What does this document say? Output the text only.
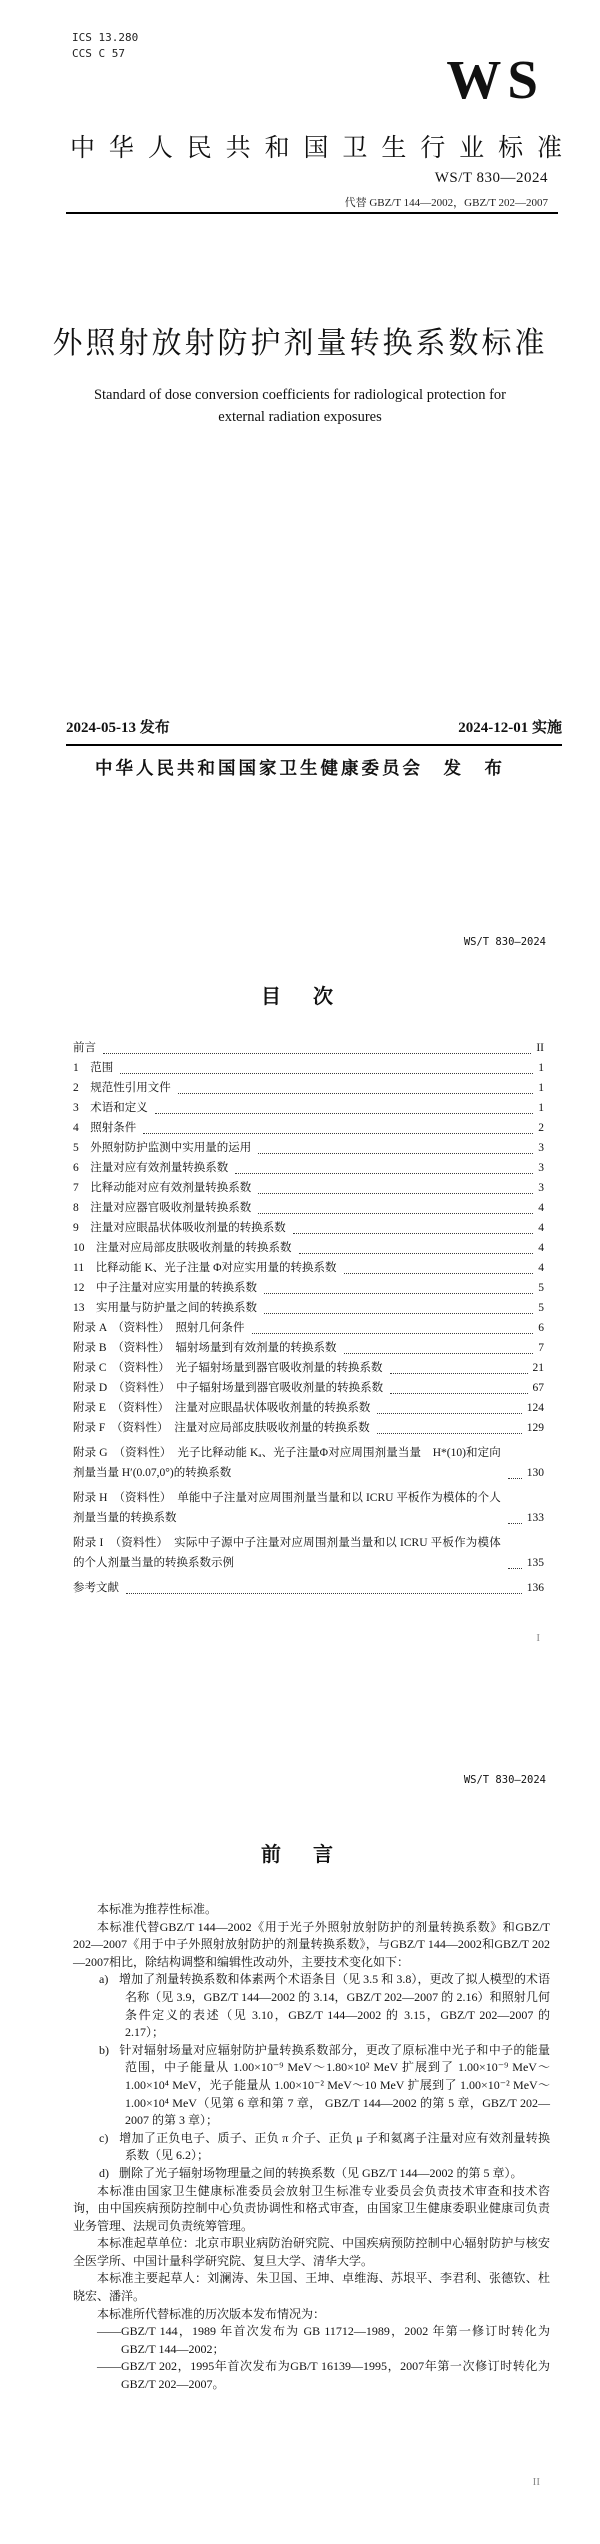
ICS 13.280
CCS C 57	WS
中 华 人 民 共 和 国 卫 生 行 业 标 准
WS/T 830—2024
代替 GBZ/T 144—2002，GBZ/T 202—2007
外照射放射防护剂量转换系数标准
Standard of dose conversion coefficients for radiological protection for external radiation exposures
2024-05-13 发布	2024-12-01 实施
中华人民共和国国家卫生健康委员会　发　布
WS/T 830—2024
目　次
前言	II
1　范围	1
2　规范性引用文件	1
3　术语和定义	1
4　照射条件	2
5　外照射防护监测中实用量的运用	3
6　注量对应有效剂量转换系数	3
7　比释动能对应有效剂量转换系数	3
8　注量对应器官吸收剂量转换系数	4
9　注量对应眼晶状体吸收剂量的转换系数	4
10　注量对应局部皮肤吸收剂量的转换系数	4
11　比释动能 K、光子注量 Φ对应实用量的转换系数	4
12　中子注量对应实用量的转换系数	5
13　实用量与防护量之间的转换系数	5
附录 A　（资料性）　照射几何条件	6
附录 B　（资料性）　辐射场量到有效剂量的转换系数	7
附录 C　（资料性）　光子辐射场量到器官吸收剂量的转换系数	21
附录 D　（资料性）　中子辐射场量到器官吸收剂量的转换系数	67
附录 E　（资料性）　注量对应眼晶状体吸收剂量的转换系数	124
附录 F　（资料性）　注量对应局部皮肤吸收剂量的转换系数	129
附录 G　（资料性）　光子比释动能 Kₐ、光子注量Φ对应周围剂量当量　H*(10)和定向剂量当量 H′(0.07,0°)的转换系数	130
附录 H　（资料性）　单能中子注量对应周围剂量当量和以 ICRU 平板作为模体的个人剂量当量的转换系数	133
附录 I　（资料性）　实际中子源中子注量对应周围剂量当量和以 ICRU 平板作为模体的个人剂量当量的转换系数示例	135
参考文献	136
I
WS/T 830—2024
前　言

本标准为推荐性标准。

本标准代替GBZ/T 144—2002《用于光子外照射放射防护的剂量转换系数》和GBZ/T 202—2007《用于中子外照射放射防护的剂量转换系数》，与GBZ/T 144—2002和GBZ/T 202—2007相比，除结构调整和编辑性改动外，主要技术变化如下：

a) 增加了剂量转换系数和体素两个术语条目（见 3.5 和 3.8），更改了拟人模型的术语名称（见 3.9，GBZ/T 144—2002 的 3.14，GBZ/T 202—2007 的 2.16）和照射几何条件定义的表述（见 3.10，GBZ/T 144—2002 的 3.15，GBZ/T 202—2007 的 2.17）；

b) 针对辐射场量对应辐射防护量转换系数部分，更改了原标准中光子和中子的能量范围，中子能量从 1.00×10⁻⁹ MeV～1.80×10² MeV 扩展到了 1.00×10⁻⁹ MeV～1.00×10⁴ MeV，光子能量从 1.00×10⁻² MeV～10 MeV 扩展到了 1.00×10⁻² MeV～1.00×10⁴ MeV（见第 6 章和第 7 章， GBZ/T 144—2002 的第 5 章，GBZ/T 202—2007 的第 3 章）；

c) 增加了正负电子、质子、正负 π 介子、正负 μ 子和氦离子注量对应有效剂量转换系数（见 6.2）；

d) 删除了光子辐射场物理量之间的转换系数（见 GBZ/T 144—2002 的第 5 章）。

本标准由国家卫生健康标准委员会放射卫生标准专业委员会负责技术审查和技术咨询，由中国疾病预防控制中心负责协调性和格式审查，由国家卫生健康委职业健康司负责业务管理、法规司负责统筹管理。

本标准起草单位：北京市职业病防治研究院、中国疾病预防控制中心辐射防护与核安全医学所、中国计量科学研究院、复旦大学、清华大学。

本标准主要起草人：刘澜涛、朱卫国、王坤、卓维海、苏垠平、李君利、张德钦、杜晓宏、潘洋。

本标准所代替标准的历次版本发布情况为：

——GBZ/T 144，1989 年首次发布为 GB 11712—1989，2002 年第一修订时转化为 GBZ/T 144—2002；

——GBZ/T 202，1995年首次发布为GB/T 16139—1995，2007年第一次修订时转化为GBZ/T 202—2007。

II
